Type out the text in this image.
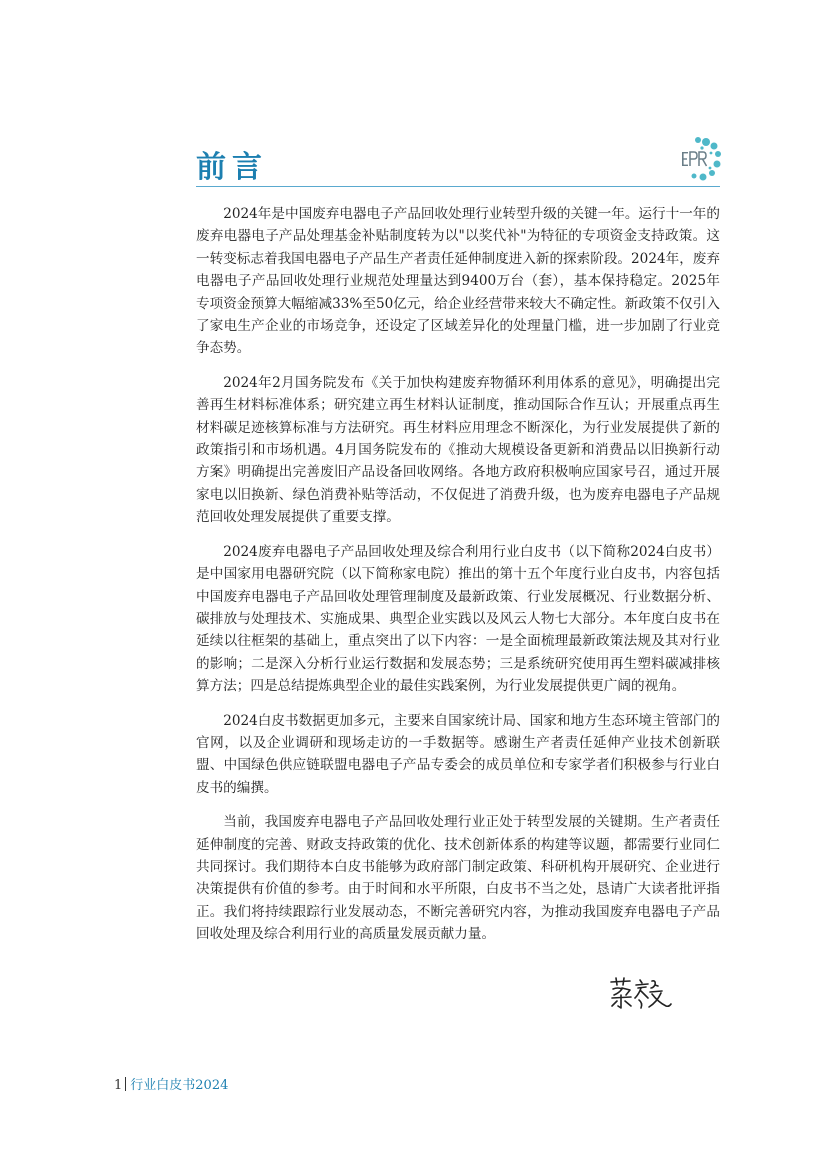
前言

2024年是中国废弃电器电子产品回收处理行业转型升级的关键一年。运行十一年的废弃电器电子产品处理基金补贴制度转为以"以奖代补"为特征的专项资金支持政策。这一转变标志着我国电器电子产品生产者责任延伸制度进入新的探索阶段。2024年，废弃电器电子产品回收处理行业规范处理量达到9400万台（套），基本保持稳定。2025年专项资金预算大幅缩减33%至50亿元，给企业经营带来较大不确定性。新政策不仅引入了家电生产企业的市场竞争，还设定了区域差异化的处理量门槛，进一步加剧了行业竞争态势。

2024年2月国务院发布《关于加快构建废弃物循环利用体系的意见》，明确提出完善再生材料标准体系；研究建立再生材料认证制度，推动国际合作互认；开展重点再生材料碳足迹核算标准与方法研究。再生材料应用理念不断深化，为行业发展提供了新的政策指引和市场机遇。4月国务院发布的《推动大规模设备更新和消费品以旧换新行动方案》明确提出完善废旧产品设备回收网络。各地方政府积极响应国家号召，通过开展家电以旧换新、绿色消费补贴等活动，不仅促进了消费升级，也为废弃电器电子产品规范回收处理发展提供了重要支撑。

2024废弃电器电子产品回收处理及综合利用行业白皮书（以下简称2024白皮书）是中国家用电器研究院（以下简称家电院）推出的第十五个年度行业白皮书，内容包括中国废弃电器电子产品回收处理管理制度及最新政策、行业发展概况、行业数据分析、碳排放与处理技术、实施成果、典型企业实践以及风云人物七大部分。本年度白皮书在延续以往框架的基础上，重点突出了以下内容：一是全面梳理最新政策法规及其对行业的影响；二是深入分析行业运行数据和发展态势；三是系统研究使用再生塑料碳减排核算方法；四是总结提炼典型企业的最佳实践案例，为行业发展提供更广阔的视角。

2024白皮书数据更加多元，主要来自国家统计局、国家和地方生态环境主管部门的官网，以及企业调研和现场走访的一手数据等。感谢生产者责任延伸产业技术创新联盟、中国绿色供应链联盟电器电子产品专委会的成员单位和专家学者们积极参与行业白皮书的编撰。

当前，我国废弃电器电子产品回收处理行业正处于转型发展的关键期。生产者责任延伸制度的完善、财政支持政策的优化、技术创新体系的构建等议题，都需要行业同仁共同探讨。我们期待本白皮书能够为政府部门制定政策、科研机构开展研究、企业进行决策提供有价值的参考。由于时间和水平所限，白皮书不当之处，恳请广大读者批评指正。我们将持续跟踪行业发展动态，不断完善研究内容，为推动我国废弃电器电子产品回收处理及综合利用行业的高质量发展贡献力量。

1 行业白皮书2024
